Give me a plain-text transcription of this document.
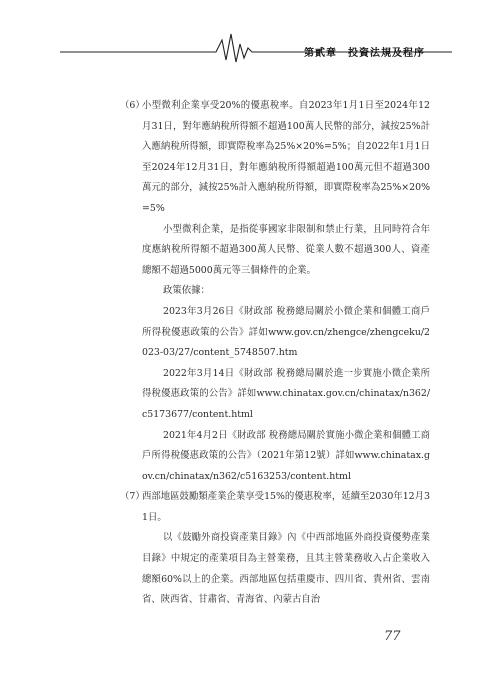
第貳章　投資法規及程序

（6）
小型微利企業享受20%的優惠稅率。自2023年1月1日至2024年12月31日，對年應納稅所得額不超過100萬人民幣的部分，減按25%計入應納稅所得額，即實際稅率為25%×20%=5%；自2022年1月1日至2024年12月31日，對年應納稅所得額超過100萬元但不超過300萬元的部分，減按25%計入應納稅所得額，即實際稅率為25%×20%=5%

小型微利企業，是指從事國家非限制和禁止行業，且同時符合年度應納稅所得額不超過300萬人民幣、從業人數不超過300人、資產總額不超過5000萬元等三個條件的企業。

政策依據：

2023年3月26日《財政部 稅務總局關於小微企業和個體工商戶所得稅優惠政策的公告》詳如www.gov.cn/zhengce/zhengceku/2023-03/27/content_5748507.htm

2022年3月14日《財政部 稅務總局關於進一步實施小微企業所得稅優惠政策的公告》詳如www.chinatax.gov.cn/chinatax/n362/c5173677/content.html

2021年4月2日《財政部 稅務總局關於實施小微企業和個體工商戶所得稅優惠政策的公告》（2021年第12號）詳如www.chinatax.gov.cn/chinatax/n362/c5163253/content.html

（7）
西部地區鼓勵類產業企業享受15%的優惠稅率，延續至2030年12月31日。

以《鼓勵外商投資產業目錄》內《中西部地區外商投資優勢產業目錄》中規定的產業項目為主營業務，且其主營業務收入占企業收入總額60%以上的企業。西部地區包括重慶市、四川省、貴州省、雲南省、陝西省、甘肅省、青海省、內蒙古自治

77
